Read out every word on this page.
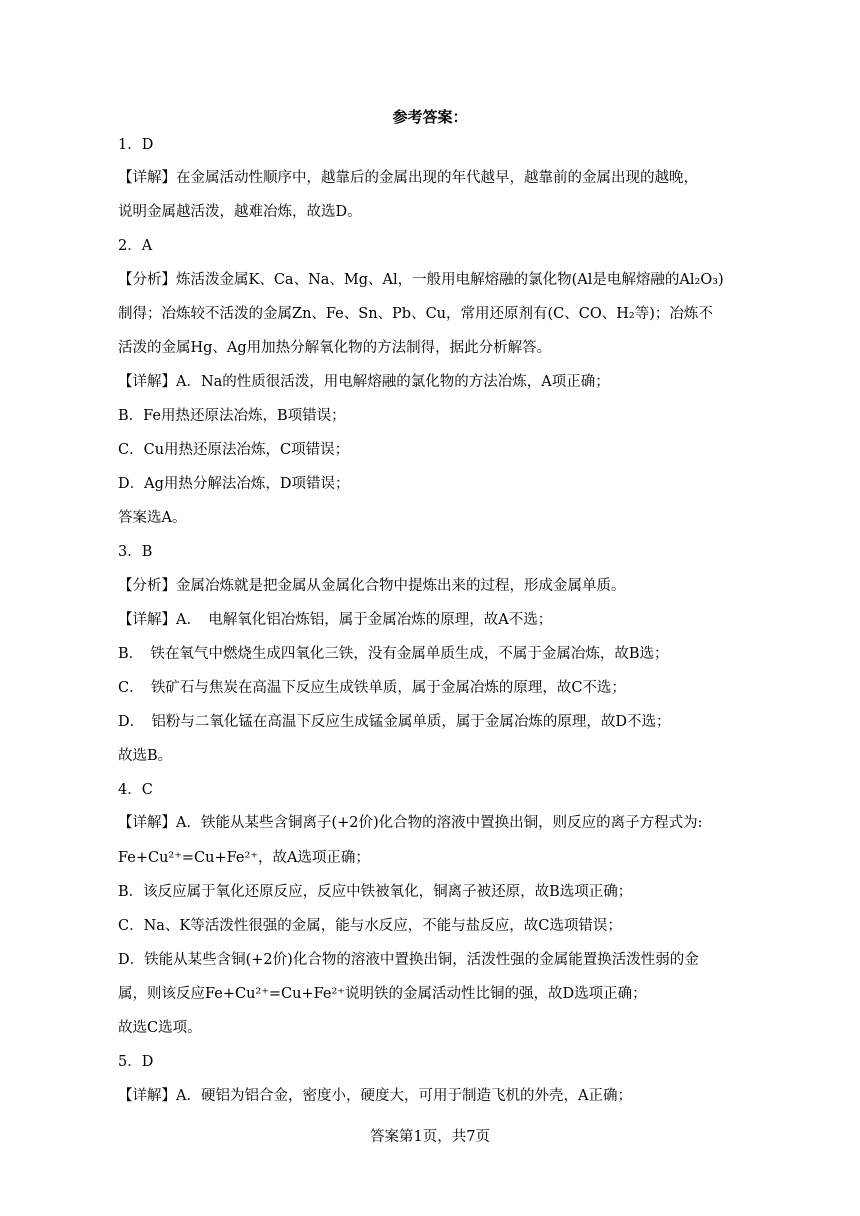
参考答案：
1．D
【详解】在金属活动性顺序中，越靠后的金属出现的年代越早，越靠前的金属出现的越晚，
说明金属越活泼，越难冶炼，故选D。
2．A
【分析】炼活泼金属K、Ca、Na、Mg、Al，一般用电解熔融的氯化物(Al是电解熔融的Al₂O₃)
制得；冶炼较不活泼的金属Zn、Fe、Sn、Pb、Cu，常用还原剂有(C、CO、H₂等)；冶炼不
活泼的金属Hg、Ag用加热分解氧化物的方法制得，据此分析解答。
【详解】A．Na的性质很活泼，用电解熔融的氯化物的方法冶炼，A项正确；
B．Fe用热还原法冶炼，B项错误；
C．Cu用热还原法冶炼，C项错误；
D．Ag用热分解法冶炼，D项错误；
答案选A。
3．B
【分析】金属冶炼就是把金属从金属化合物中提炼出来的过程，形成金属单质。
【详解】A．　电解氧化铝冶炼铝，属于金属冶炼的原理，故A不选；
B．　铁在氧气中燃烧生成四氧化三铁，没有金属单质生成，不属于金属冶炼，故B选；
C．　铁矿石与焦炭在高温下反应生成铁单质，属于金属冶炼的原理，故C不选；
D．　铝粉与二氧化锰在高温下反应生成锰金属单质，属于金属冶炼的原理，故D不选；
故选B。
4．C
【详解】A．铁能从某些含铜离子(+2价)化合物的溶液中置换出铜，则反应的离子方程式为:
Fe+Cu²⁺=Cu+Fe²⁺，故A选项正确；
B．该反应属于氧化还原反应，反应中铁被氧化，铜离子被还原，故B选项正确；
C．Na、K等活泼性很强的金属，能与水反应，不能与盐反应，故C选项错误；
D．铁能从某些含铜(+2价)化合物的溶液中置换出铜，活泼性强的金属能置换活泼性弱的金
属，则该反应Fe+Cu²⁺=Cu+Fe²⁺说明铁的金属活动性比铜的强，故D选项正确；
故选C选项。
5．D
【详解】A．硬铝为铝合金，密度小，硬度大，可用于制造飞机的外壳，A正确；
答案第1页，共7页
